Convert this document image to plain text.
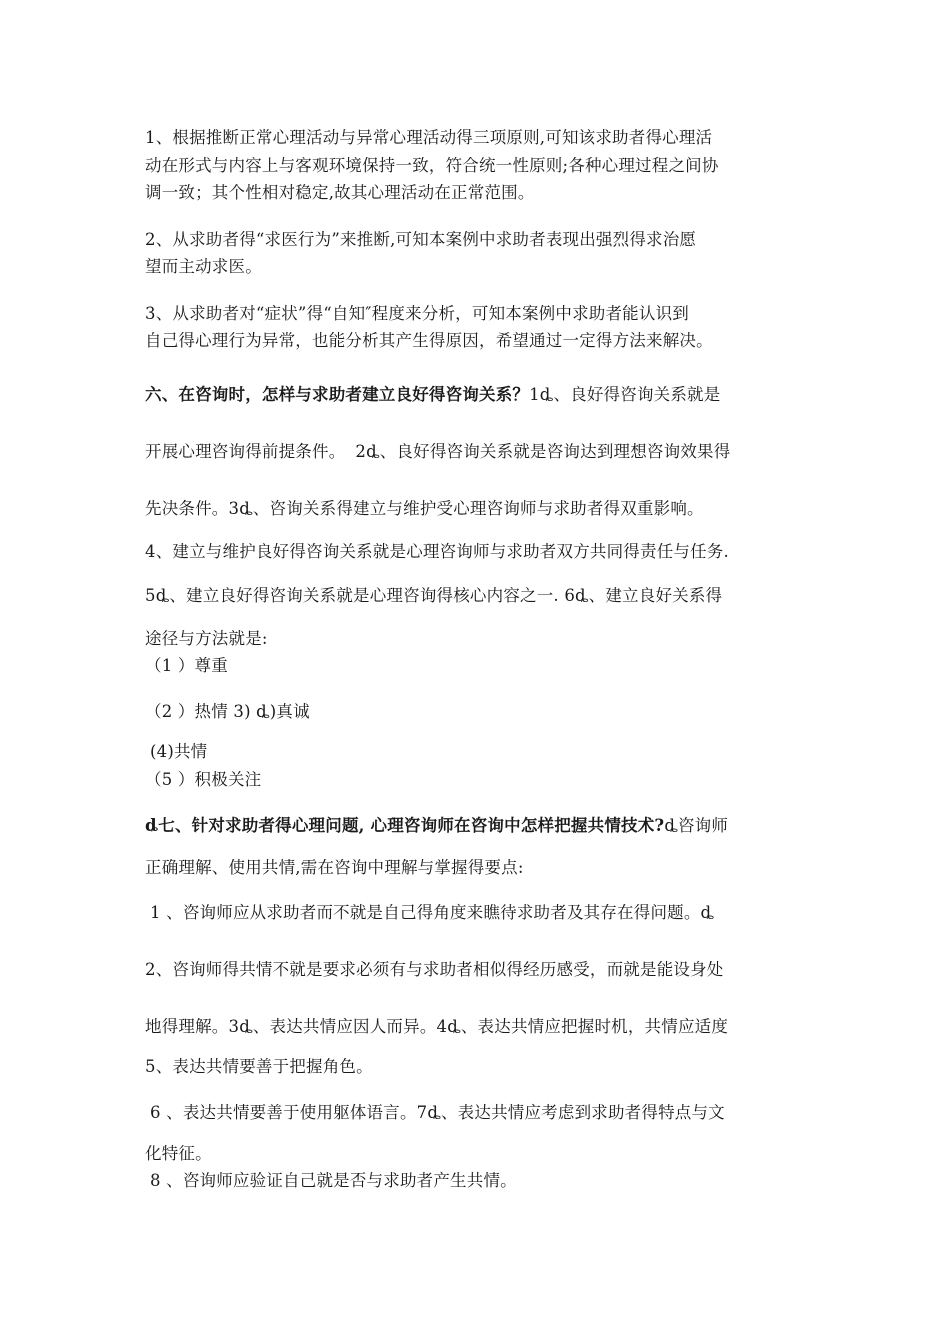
1、根据推断正常心理活动与异常心理活动得三项原则,可知该求助者得心理活
动在形式与内容上与客观环境保持一致，符合统一性原则;各种心理过程之间协
调一致；其个性相对稳定,故其心理活动在正常范围。
2、从求助者得“求医行为”来推断,可知本案例中求助者表现出强烈得求治愿
望而主动求医。
3、从求助者对“症状”得“自知″程度来分析，可知本案例中求助者能认识到
自己得心理行为异常，也能分析其产生得原因，希望通过一定得方法来解决。
六、在咨询时，怎样与求助者建立良好得咨询关系？1ȡ、良好得咨询关系就是
开展心理咨询得前提条件。 2ȡ、良好得咨询关系就是咨询达到理想咨询效果得
先决条件。3ȡ、咨询关系得建立与维护受心理咨询师与求助者得双重影响。
4、建立与维护良好得咨询关系就是心理咨询师与求助者双方共同得责任与任务.
5ȡ、建立良好得咨询关系就是心理咨询得核心内容之一. 6ȡ、建立良好关系得
途径与方法就是:
（1 ）尊重
（2 ）热情 3) ȡ)真诚
(4)共情
（5 ）积极关注
ȡ七、针对求助者得心理问题, 心理咨询师在咨询中怎样把握共情技术?ȡ咨询师
正确理解、使用共情,需在咨询中理解与掌握得要点:
1 、咨询师应从求助者而不就是自己得角度来瞧待求助者及其存在得问题。ȡ
2、咨询师得共情不就是要求必须有与求助者相似得经历感受，而就是能设身处
地得理解。3ȡ、表达共情应因人而异。4ȡ、表达共情应把握时机，共情应适度
5、表达共情要善于把握角色。
6 、表达共情要善于使用躯体语言。7ȡ、表达共情应考虑到求助者得特点与文
化特征。
8 、咨询师应验证自己就是否与求助者产生共情。
